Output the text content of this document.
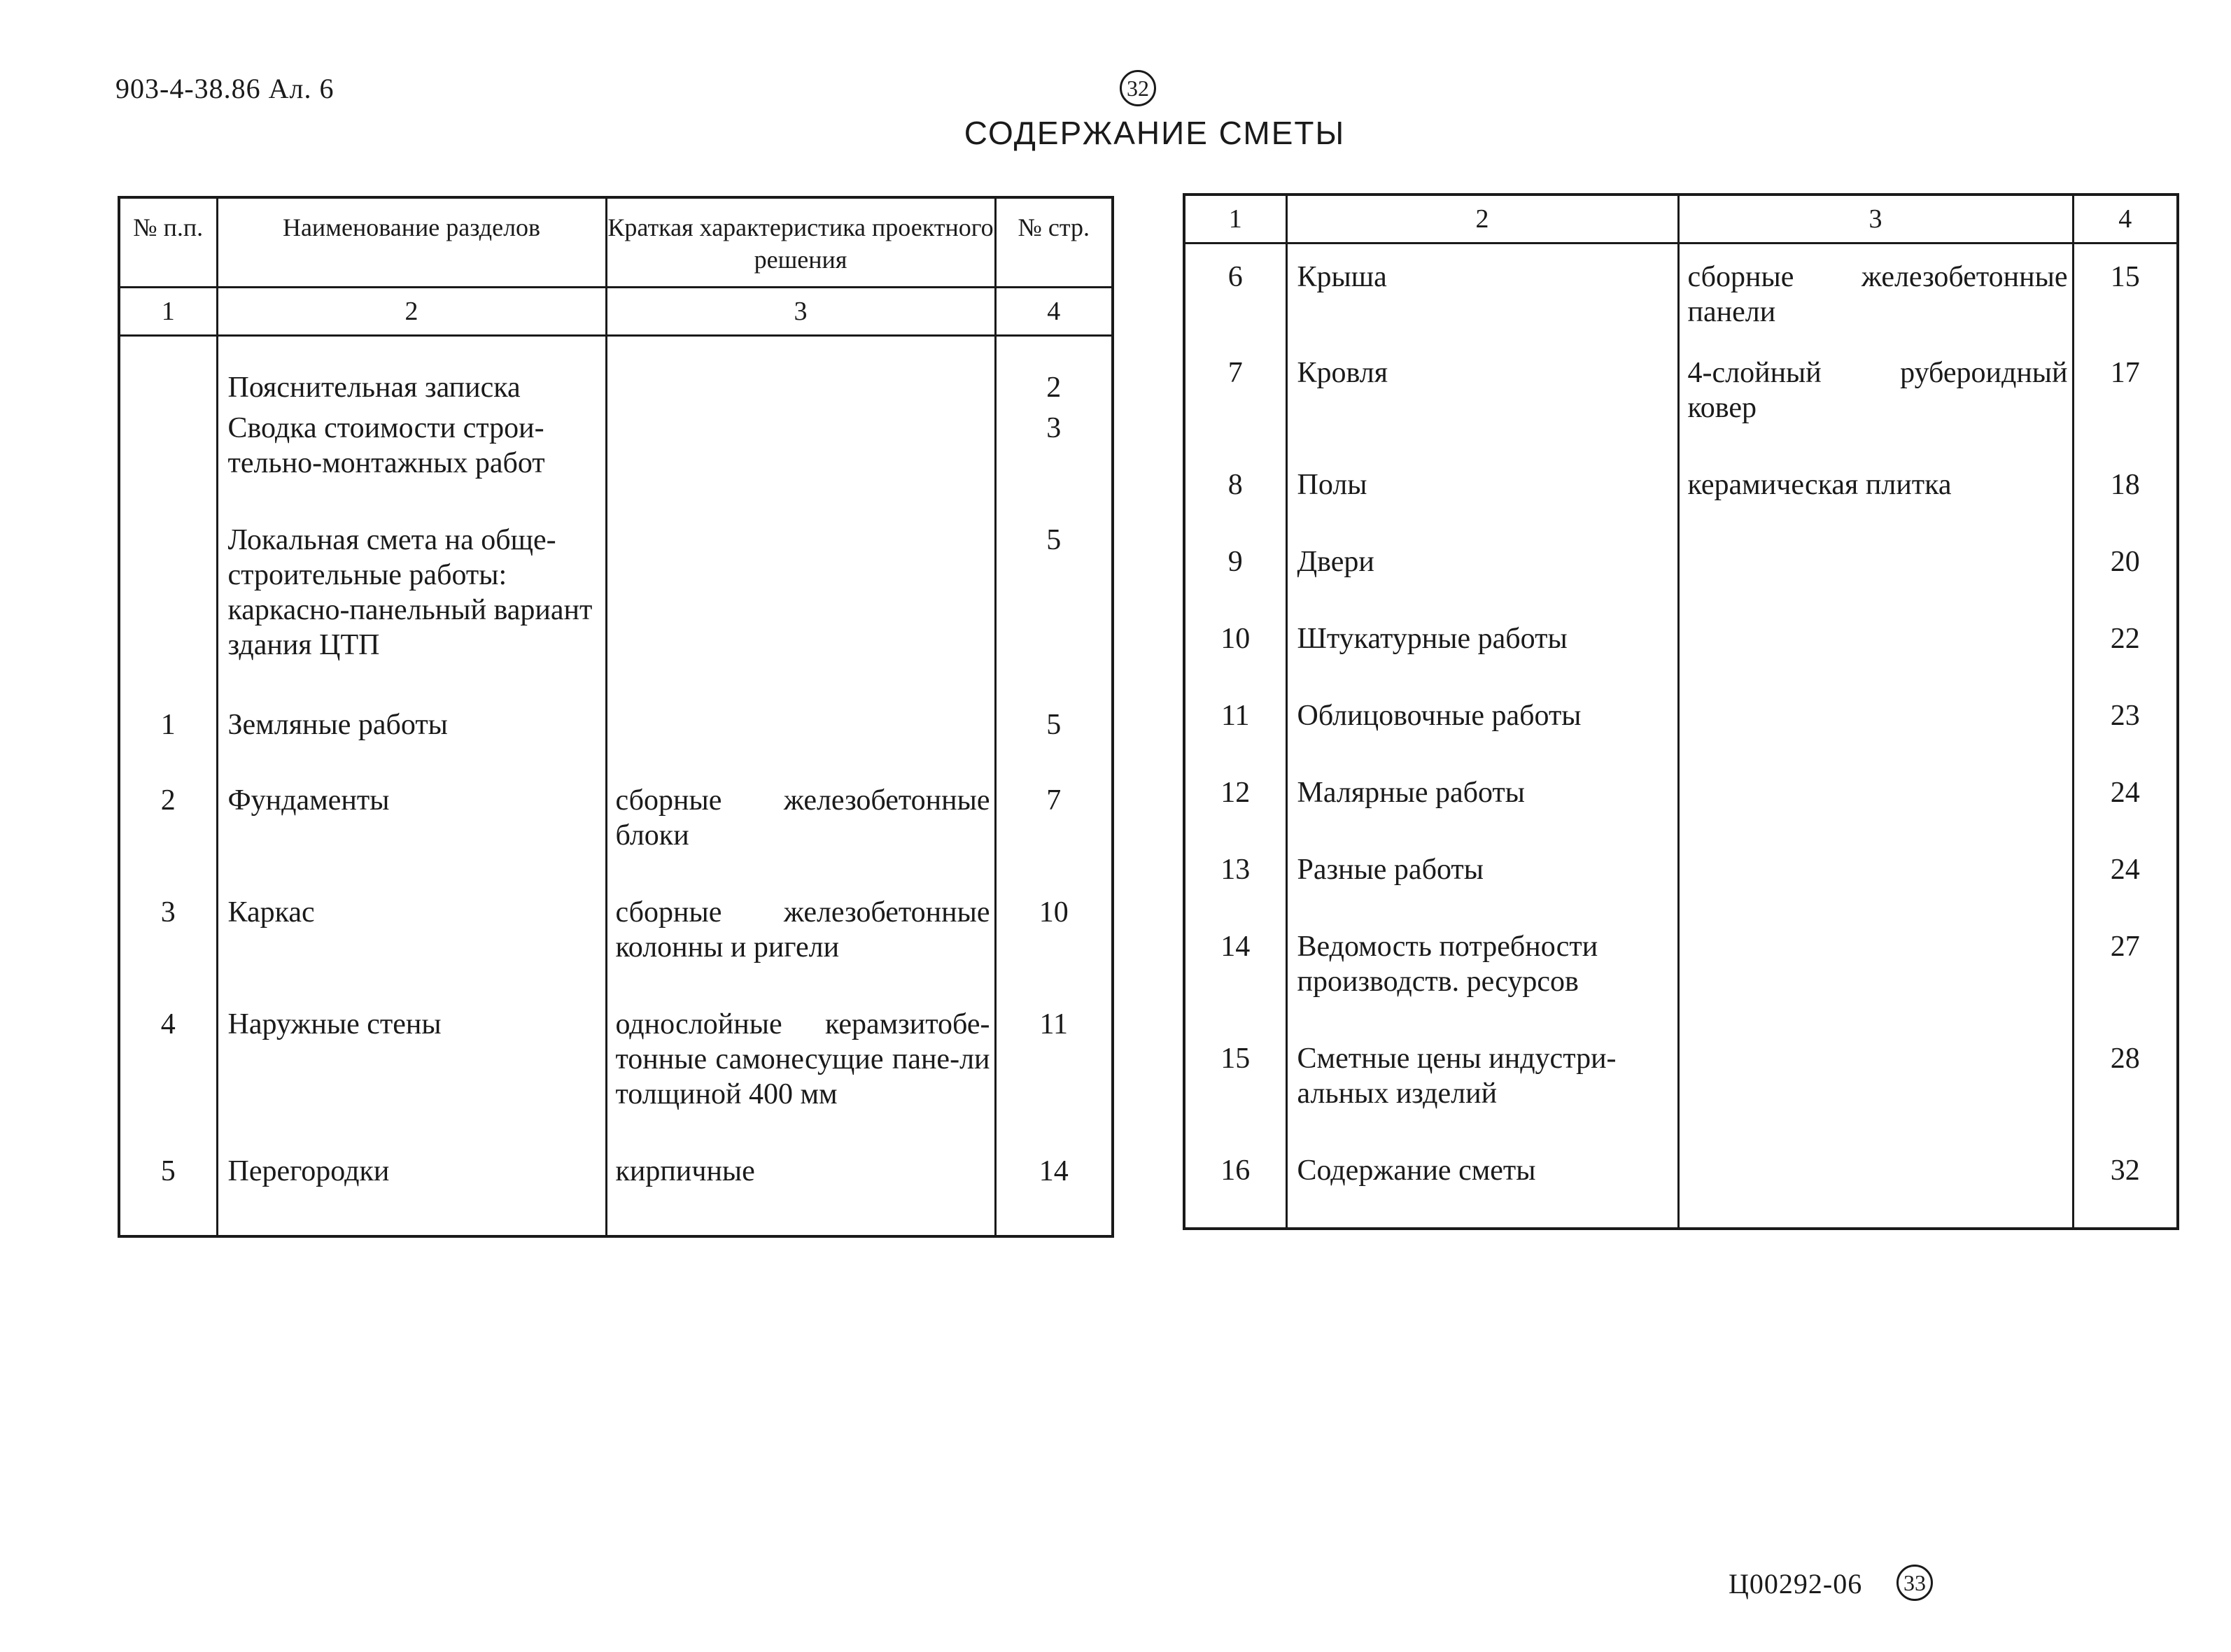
903-4-38.86 Ал. 6	32
СОДЕРЖАНИЕ СМЕТЫ
№ п.п.	Наименование разделов	Краткая характеристика проектного решения	№ стр.
1	2	3	4
	Пояснительная записка		2
	Сводка стоимости строи-тельно-монтажных работ		3
	Локальная смета на обще-строительные работы: каркасно-панельный вариант здания ЦТП		5
1	Земляные работы		5
2	Фундаменты	сборные железобетонные блоки	7
3	Каркас	сборные железобетонные колонны и ригели	10
4	Наружные стены	однослойные керамзитобе-тонные самонесущие пане-ли толщиной 400 мм	11
5	Перегородки	кирпичные	14
1	2	3	4
6	Крыша	сборные железобетонные панели	15
7	Кровля	4-слойный рубероидный ковер	17
8	Полы	керамическая плитка	18
9	Двери		20
10	Штукатурные работы		22
11	Облицовочные работы		23
12	Малярные работы		24
13	Разные работы		24
14	Ведомость потребности производств. ресурсов		27
15	Сметные цены индустри-альных изделий		28
16	Содержание сметы		32
Ц00292-06	33
